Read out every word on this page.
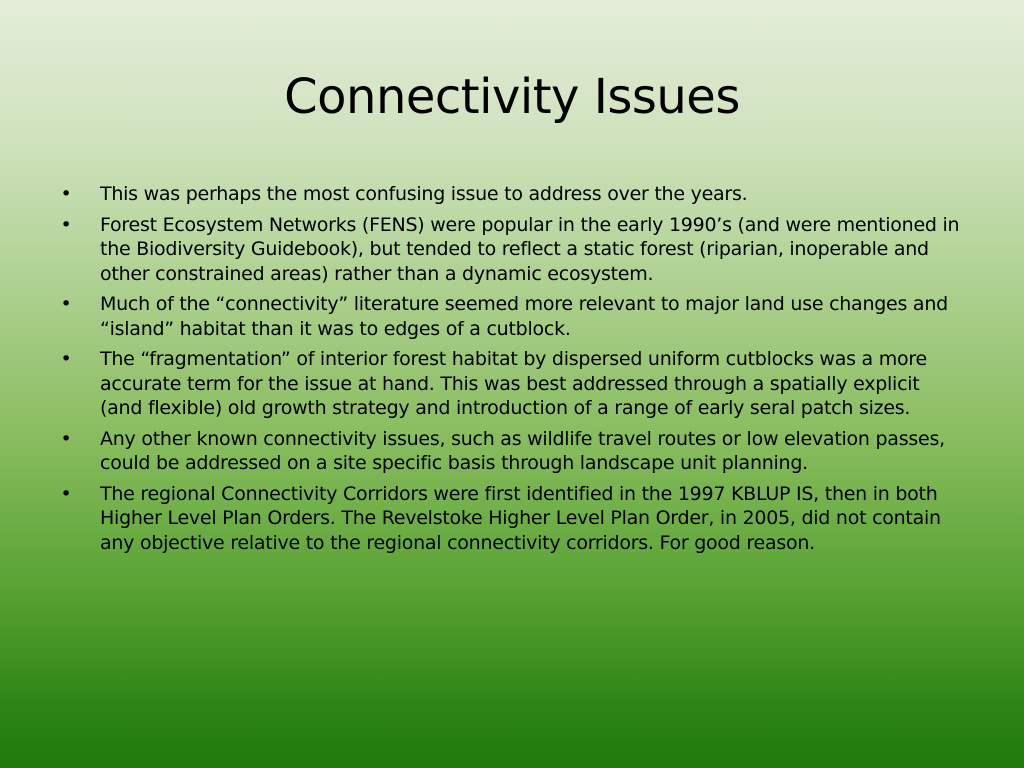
Connectivity Issues
• This was perhaps the most confusing issue to address over the years.
• Forest Ecosystem Networks (FENS) were popular in the early 1990’s (and were mentioned in the Biodiversity Guidebook), but tended to reflect a static forest (riparian, inoperable and other constrained areas) rather than a dynamic ecosystem.
• Much of the “connectivity” literature seemed more relevant to major land use changes and “island” habitat than it was to edges of a cutblock.
• The “fragmentation” of interior forest habitat by dispersed uniform cutblocks was a more accurate term for the issue at hand. This was best addressed through a spatially explicit (and flexible) old growth strategy and introduction of a range of early seral patch sizes.
• Any other known connectivity issues, such as wildlife travel routes or low elevation passes, could be addressed on a site specific basis through landscape unit planning.
• The regional Connectivity Corridors were first identified in the 1997 KBLUP IS, then in both Higher Level Plan Orders. The Revelstoke Higher Level Plan Order, in 2005, did not contain any objective relative to the regional connectivity corridors. For good reason.
